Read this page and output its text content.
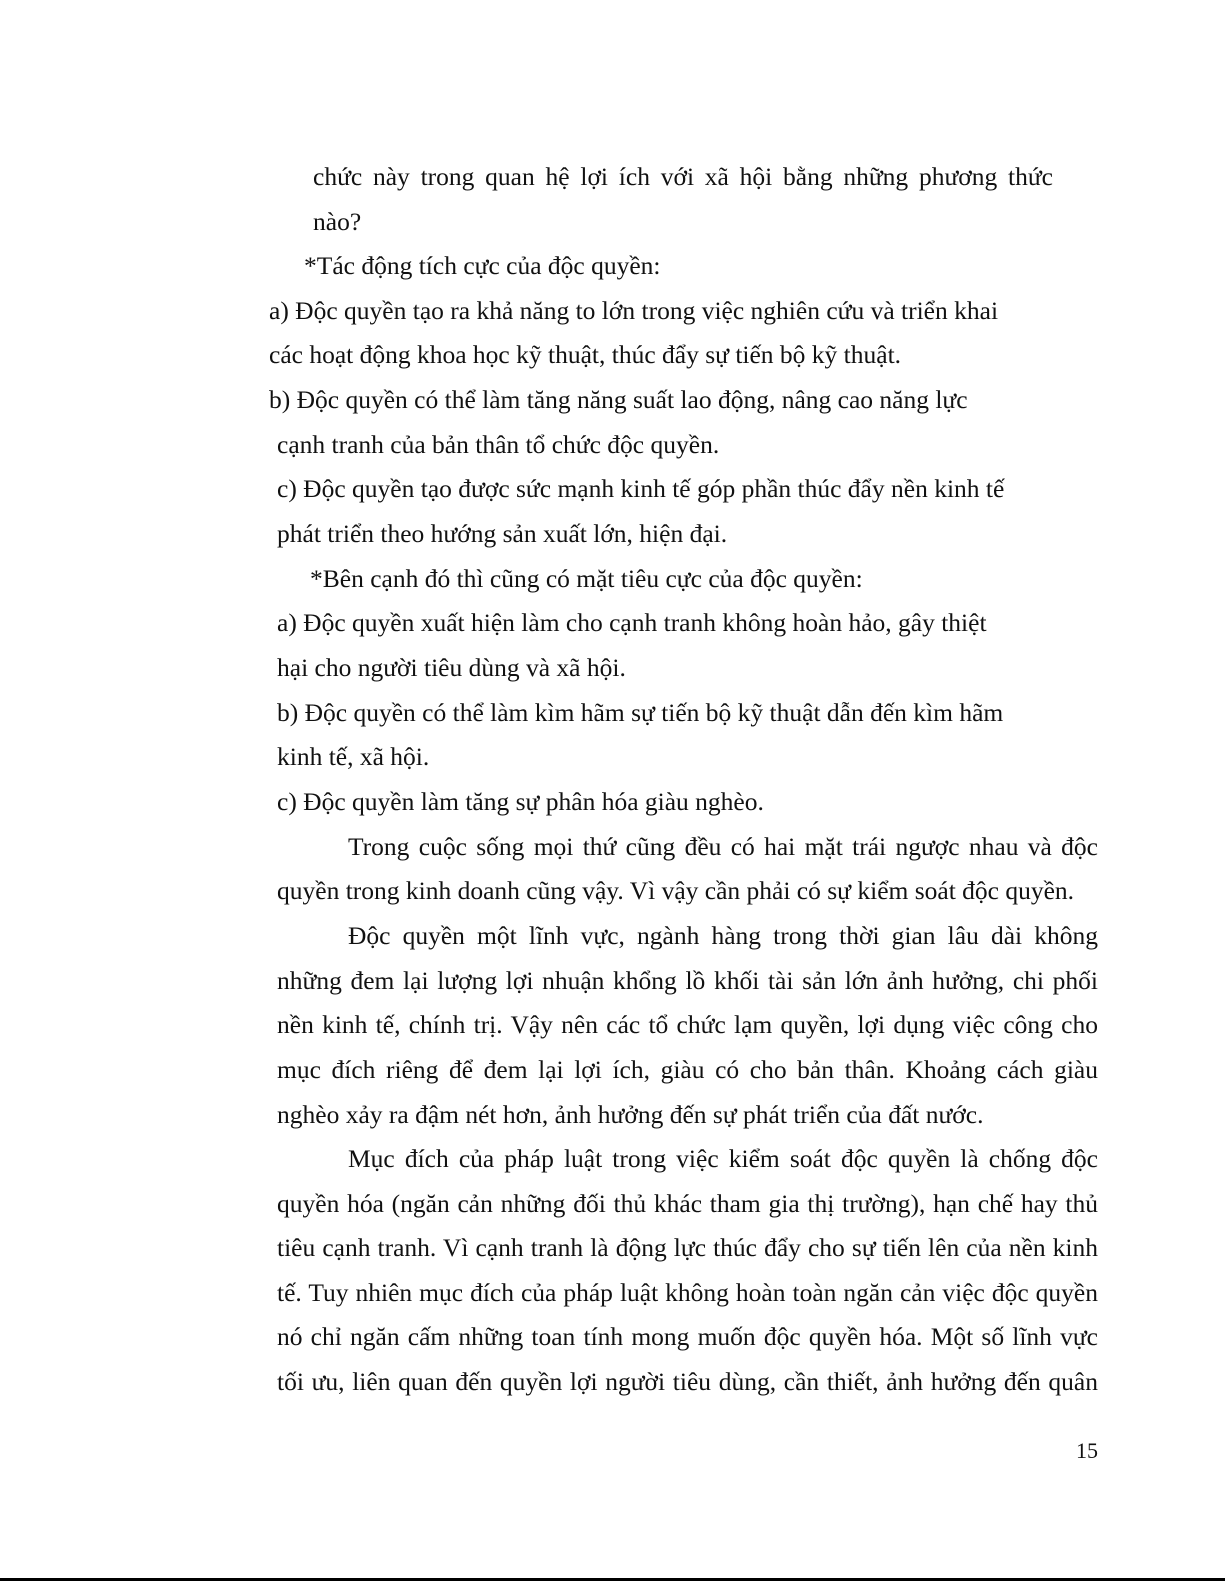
chức này trong quan hệ lợi ích với xã hội bằng những phương thức
nào?
*Tác động tích cực của độc quyền:
a) Độc quyền tạo ra khả năng to lớn trong việc nghiên cứu và triển khai
các hoạt động khoa học kỹ thuật, thúc đẩy sự tiến bộ kỹ thuật.
b) Độc quyền có thể làm tăng năng suất lao động, nâng cao năng lực
cạnh tranh của bản thân tổ chức độc quyền.
c) Độc quyền tạo được sức mạnh kinh tế góp phần thúc đẩy nền kinh tế
phát triển theo hướng sản xuất lớn, hiện đại.
*Bên cạnh đó thì cũng có mặt tiêu cực của độc quyền:
a) Độc quyền xuất hiện làm cho cạnh tranh không hoàn hảo, gây thiệt
hại cho người tiêu dùng và xã hội.
b) Độc quyền có thể làm kìm hãm sự tiến bộ kỹ thuật dẫn đến kìm hãm
kinh tế, xã hội.
c) Độc quyền làm tăng sự phân hóa giàu nghèo.
Trong cuộc sống mọi thứ cũng đều có hai mặt trái ngược nhau và độc
quyền trong kinh doanh cũng vậy. Vì vậy cần phải có sự kiểm soát độc quyền.
Độc quyền một lĩnh vực, ngành hàng trong thời gian lâu dài không
những đem lại lượng lợi nhuận khổng lồ khối tài sản lớn ảnh hưởng, chi phối
nền kinh tế, chính trị. Vậy nên các tổ chức lạm quyền, lợi dụng việc công cho
mục đích riêng để đem lại lợi ích, giàu có cho bản thân. Khoảng cách giàu
nghèo xảy ra đậm nét hơn, ảnh hưởng đến sự phát triển của đất nước.
Mục đích của pháp luật trong việc kiểm soát độc quyền là chống độc
quyền hóa (ngăn cản những đối thủ khác tham gia thị trường), hạn chế hay thủ
tiêu cạnh tranh. Vì cạnh tranh là động lực thúc đẩy cho sự tiến lên của nền kinh
tế. Tuy nhiên mục đích của pháp luật không hoàn toàn ngăn cản việc độc quyền
nó chỉ ngăn cấm những toan tính mong muốn độc quyền hóa. Một số lĩnh vực
tối ưu, liên quan đến quyền lợi người tiêu dùng, cần thiết, ảnh hưởng đến quân
15
